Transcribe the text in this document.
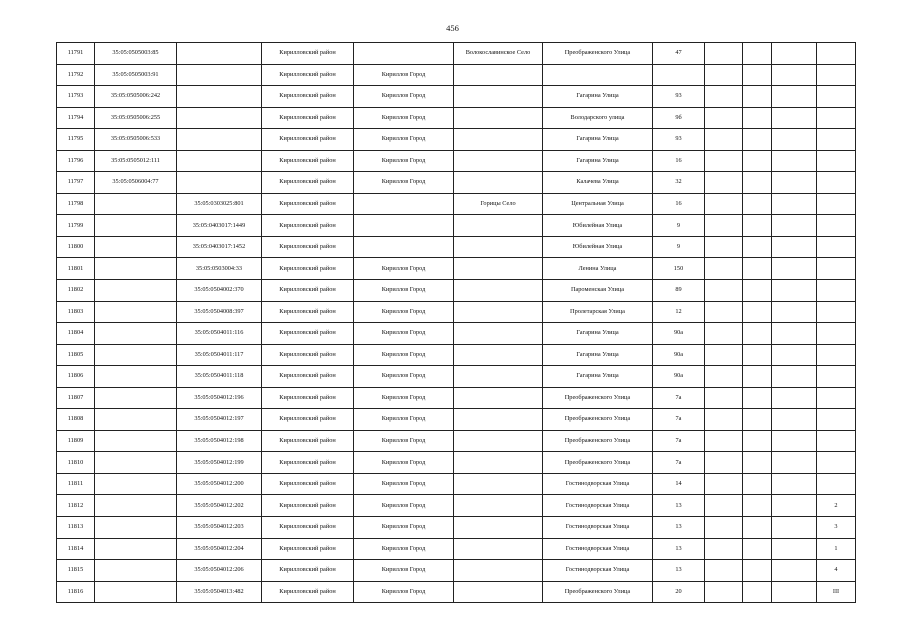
456
11791	35:05:0505003:85		Кирилловский район		Волокославинское Село	Преображенского Улица	47				
11792	35:05:0505003:91		Кирилловский район	Кириллов Город							
11793	35:05:0505006:242		Кирилловский район	Кириллов Город		Гагарина Улица	93				
11794	35:05:0505006:255		Кирилловский район	Кириллов Город		Володарского улица	9б				
11795	35:05:0505006:533		Кирилловский район	Кириллов Город		Гагарина Улица	93				
11796	35:05:0505012:111		Кирилловский район	Кириллов Город		Гагарина Улица	16				
11797	35:05:0506004:77		Кирилловский район	Кириллов Город		Калачева Улица	32				
11798		35:05:0303025:801	Кирилловский район		Горицы Село	Центральная Улица	16				
11799		35:05:0403017:1449	Кирилловский район			Юбилейная Улица	9				
11800		35:05:0403017:1452	Кирилловский район			Юбилейная Улица	9				
11801		35:05:0503004:33	Кирилловский район	Кириллов Город		Ленина Улица	150				
11802		35:05:0504002:370	Кирилловский район	Кириллов Город		Пароменская Улица	89				
11803		35:05:0504008:397	Кирилловский район	Кириллов Город		Пролетарская Улица	12				
11804		35:05:0504011:116	Кирилловский район	Кириллов Город		Гагарина Улица	90а				
11805		35:05:0504011:117	Кирилловский район	Кириллов Город		Гагарина Улица	90а				
11806		35:05:0504011:118	Кирилловский район	Кириллов Город		Гагарина Улица	90а				
11807		35:05:0504012:196	Кирилловский район	Кириллов Город		Преображенского Улица	7а				
11808		35:05:0504012:197	Кирилловский район	Кириллов Город		Преображенского Улица	7а				
11809		35:05:0504012:198	Кирилловский район	Кириллов Город		Преображенского Улица	7а				
11810		35:05:0504012:199	Кирилловский район	Кириллов Город		Преображенского Улица	7а				
11811		35:05:0504012:200	Кирилловский район	Кириллов Город		Гостинодворская Улица	14				
11812		35:05:0504012:202	Кирилловский район	Кириллов Город		Гостинодворская Улица	13				2
11813		35:05:0504012:203	Кирилловский район	Кириллов Город		Гостинодворская Улица	13				3
11814		35:05:0504012:204	Кирилловский район	Кириллов Город		Гостинодворская Улица	13				1
11815		35:05:0504012:206	Кирилловский район	Кириллов Город		Гостинодворская Улица	13				4
11816		35:05:0504013:482	Кирилловский район	Кириллов Город		Преображенского Улица	20				III
